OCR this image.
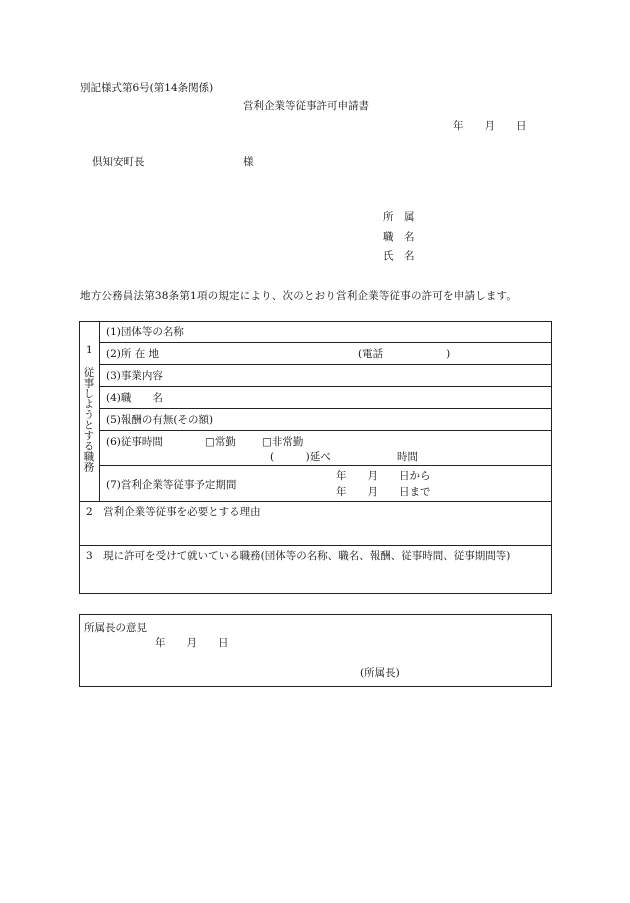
別記様式第6号(第14条関係)
営利企業等従事許可申請書
年　　月　　日
倶知安町長	様
所　属
職　名
氏　名
地方公務員法第38条第1項の規定により、次のとおり営利企業等従事の許可を申請します。
1
従事しようとする職務
(1)団体等の名称
(2)所 在 地	(電話　　　　　　)
(3)事業内容
(4)職　　名
(5)報酬の有無(その額)
(6)従事時間	□常勤 □非常勤
(　　　)延べ	時間
(7)営利企業等従事予定期間
年　　月　　日から
年　　月　　日まで
2　営利企業等従事を必要とする理由
3　現に許可を受けて就いている職務(団体等の名称、職名、報酬、従事時間、従事期間等)
所属長の意見
年　　月　　日
(所属長)
